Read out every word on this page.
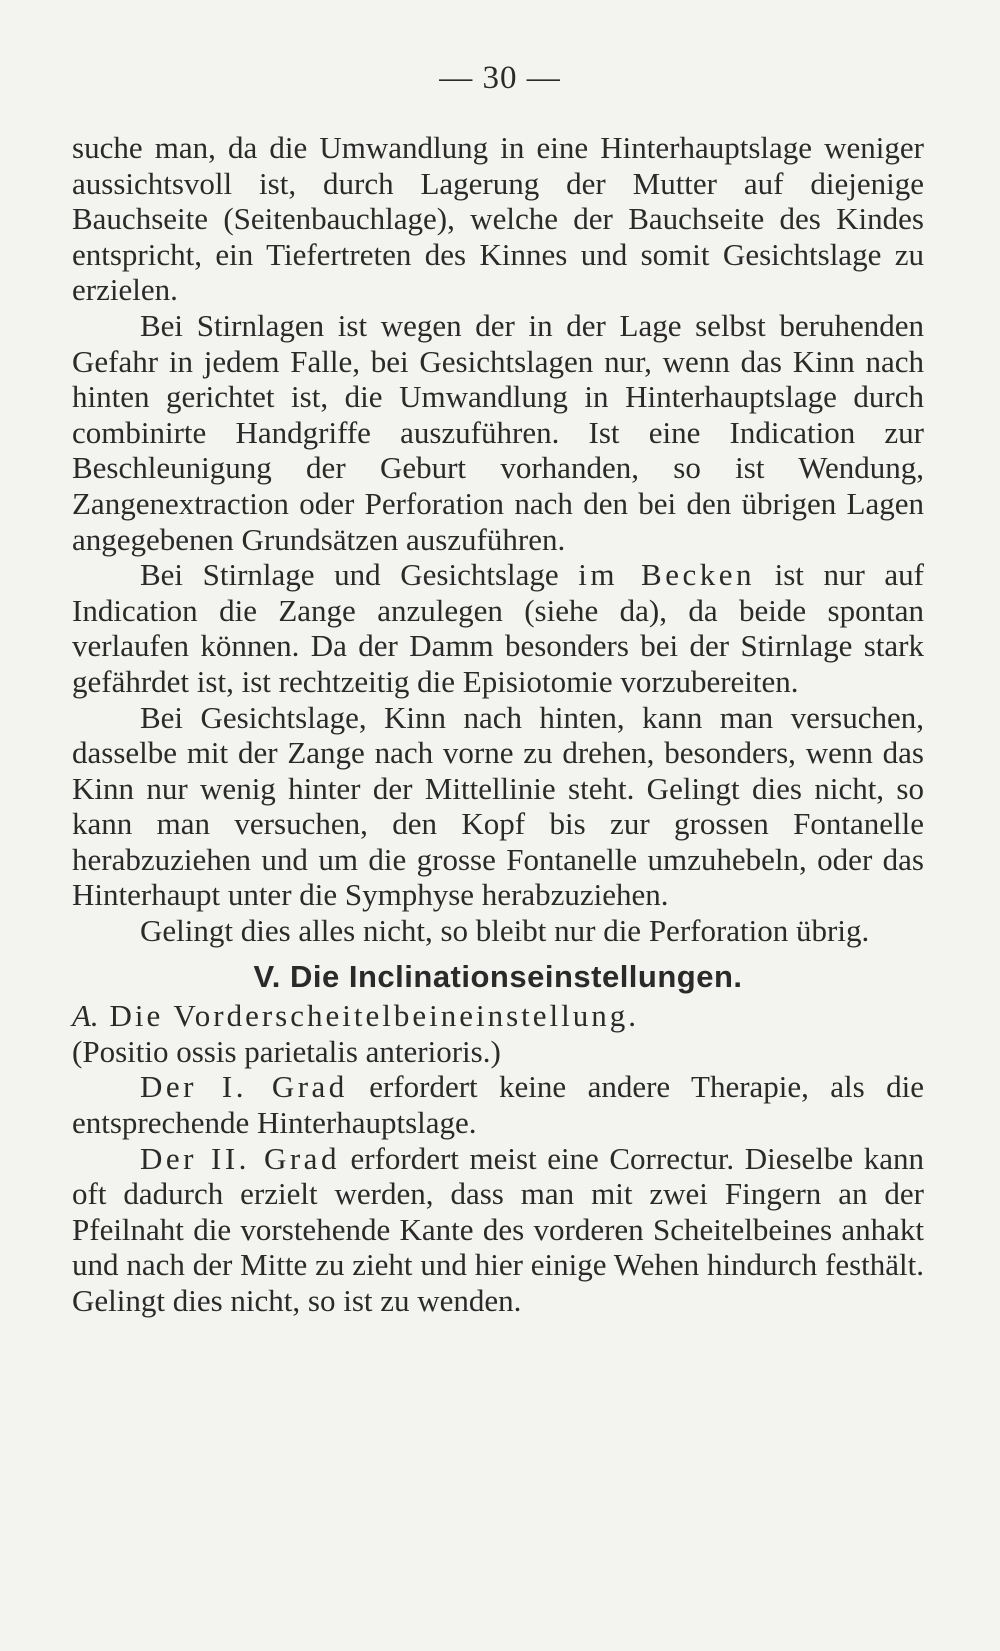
— 30 —

suche man, da die Umwandlung in eine Hinterhauptslage weniger aussichtsvoll ist, durch Lagerung der Mutter auf diejenige Bauchseite (Seitenbauchlage), welche der Bauchseite des Kindes entspricht, ein Tiefertreten des Kinnes und somit Gesichtslage zu erzielen.

Bei Stirnlagen ist wegen der in der Lage selbst beruhenden Gefahr in jedem Falle, bei Gesichtslagen nur, wenn das Kinn nach hinten gerichtet ist, die Umwandlung in Hinterhauptslage durch combinirte Handgriffe auszuführen. Ist eine Indication zur Beschleunigung der Geburt vorhanden, so ist Wendung, Zangenextraction oder Perforation nach den bei den übrigen Lagen angegebenen Grundsätzen auszuführen.

Bei Stirnlage und Gesichtslage im Becken ist nur auf Indication die Zange anzulegen (siehe da), da beide spontan verlaufen können. Da der Damm besonders bei der Stirnlage stark gefährdet ist, ist rechtzeitig die Episiotomie vorzubereiten.

Bei Gesichtslage, Kinn nach hinten, kann man versuchen, dasselbe mit der Zange nach vorne zu drehen, besonders, wenn das Kinn nur wenig hinter der Mittellinie steht. Gelingt dies nicht, so kann man versuchen, den Kopf bis zur grossen Fontanelle herabzuziehen und um die grosse Fontanelle umzuhebeln, oder das Hinterhaupt unter die Symphyse herabzuziehen.

Gelingt dies alles nicht, so bleibt nur die Perforation übrig.

V. Die Inclinationseinstellungen.

A. Die Vorderscheitelbeineinstellung.

(Positio ossis parietalis anterioris.)

Der I. Grad erfordert keine andere Therapie, als die entsprechende Hinterhauptslage.

Der II. Grad erfordert meist eine Correctur. Dieselbe kann oft dadurch erzielt werden, dass man mit zwei Fingern an der Pfeilnaht die vorstehende Kante des vorderen Scheitelbeines anhakt und nach der Mitte zu zieht und hier einige Wehen hindurch festhält. Gelingt dies nicht, so ist zu wenden.
